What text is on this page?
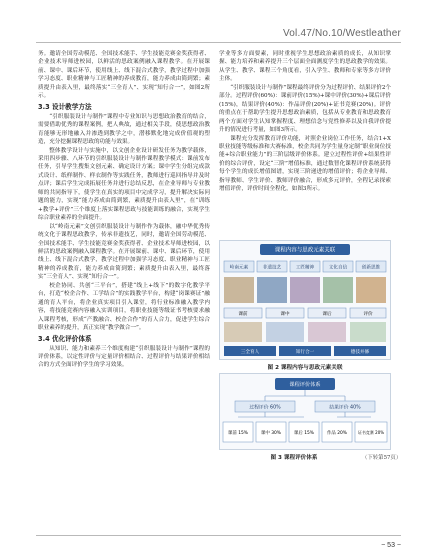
Vol.47/No.10/Westleather

务。邀请全国劳动模范、全国技术能手、学生技能竞赛金奖获得者、企业技术导师进校园，以鲜活的思政案例融入课程教学。在开展课前、课中、课后环节，使用线上、线下混合式教学，教学过程中加强学习态度、职业精神与工匠精神的养成教育，能力养成由简到繁；素质提升由表入里，最终落实“三全育人”、实现“知行合一”，如图2所示。

3.3 设计教学方法

“引织服装设计与制作”课程中专业知识与思想政治教育的结合，需要借助优秀的课程案例，把人典故，通过相关手段，使思想政治教育能够无形地融入并渗透到教学之中，潜移默化地完成价值观的塑造，充分挖掘课程思政的功能与效果。

整体教学设计与实施中，以文创企业设计研发任务为教学载体，采用四步骤、八环节的引织服装设计与制作课程教学模式：课前发布任务，引导学生搜集文创元素、确定设计方案；课中学生分组完成款式设计、纸样制作、样衣制作等实践任务，教师进行巡回指导并及时点评；课后学生完成拓展任务并进行总结反思，在企业导师与专业教师的共同指导下，使学生在真实的项目中完成学习，提升解决实际问题的能力，实现“能力养成由简到繁，素质提升由表入里”，在“训练+教学+评价”三个维度上落实课程思政与技能训练的融合，实现学生综合职业素养的全面提升。

以“岭南元素”文创引织服装设计与制作作为载体，融中华优秀传统文化于课程思政教学，传承非遗技艺，同时，邀请全国劳动模范、全国技术能手、学生技能竞赛金奖获得者、企业技术导师进校园，以鲜活的思政案例融入课程教学。在开展课前、课中、课后环节，使用线上、线下混合式教学，教学过程中加强学习态度、职业精神与工匠精神的养成教育，能力养成由简到繁；素质提升由表入里，最终落实“三全育人”、实现“知行合一”。

校企协同、共创“三平台”，搭建“线上+线下”的数字化教学平台，打造“校企合作、工学结合”的实践教学平台，构建“岗课赛证”融通的育人平台，将企业真实项目引入课堂，将行业标准融入教学内容，将技能竞赛内容融入实训项目，将职业技能等级证书考核要求融入课程考核，形成“产教融合、校企合作”的育人合力，促进学生综合职业素养的提升，真正实现“教学做合一”。

3.4 优化评价体系

从知识、能力和素养三个维度构建“引织服装设计与制作”课程的评价体系，以定性评价与定量评价相结合、过程评价与结果评价相结合的方式全面评价学生的学习效果。

学业等多方面要素，同时重视学生思想政治素质的成长，从知识掌握、能力培养和素养提升三个层面全面测度学生的思政教学的效果。从学生、教学、课程三个角度看，引入学生、教师和专家等多方评价主体。

“引织服装设计与制作”课程最终评价分为过程评价、结果评价2个部分。过程评价(60%)：课前评价(15%)+课中评价(30%)+课后评价(15%)，结果评价(40%)：作品评价(20%)+证书竞赛(20%)。评价的重点在于帮助学生提升思想政治素质，包括从专业教育和思政教育两个方面对学生认知掌握程度、理想信念与党性修养以及自我评价提升的情况进行考量，如图3所示。

课程充分发挥教育评价功能，对照企业岗位工作任务，结合1+X职业技能等级标准和大赛标准，校企共同为学生量身定制“职业岗位技能+综合职业能力”的三阶层级评价体系。建立过程性评价+结果性评价的综合评价，设定“三阶”增值标准，通过数智化课程评价系统获得每个学生的成长增值图谱，实现三阶递进的增值评价；将企业导师、指导教师、学生评价、教师评价融合，形成多元评价，全程记录探索增值评价，评价时间全程化，如图3所示。

课程内容与思政元素关联
岭南元素	非遗技艺	工匠精神	文化自信	创新思维
课前	课中	课后	评价
三全育人	知行合一	德技并修
图 2 课程内容与思政元素关联
课程评价体系
过程评价 60%	结果评价 40%
课前 15%	课中 30%	课后 15%	作品 20%	证书竞赛 20%
图 3 课程评价体系	（下转第57页）
− 53 −
